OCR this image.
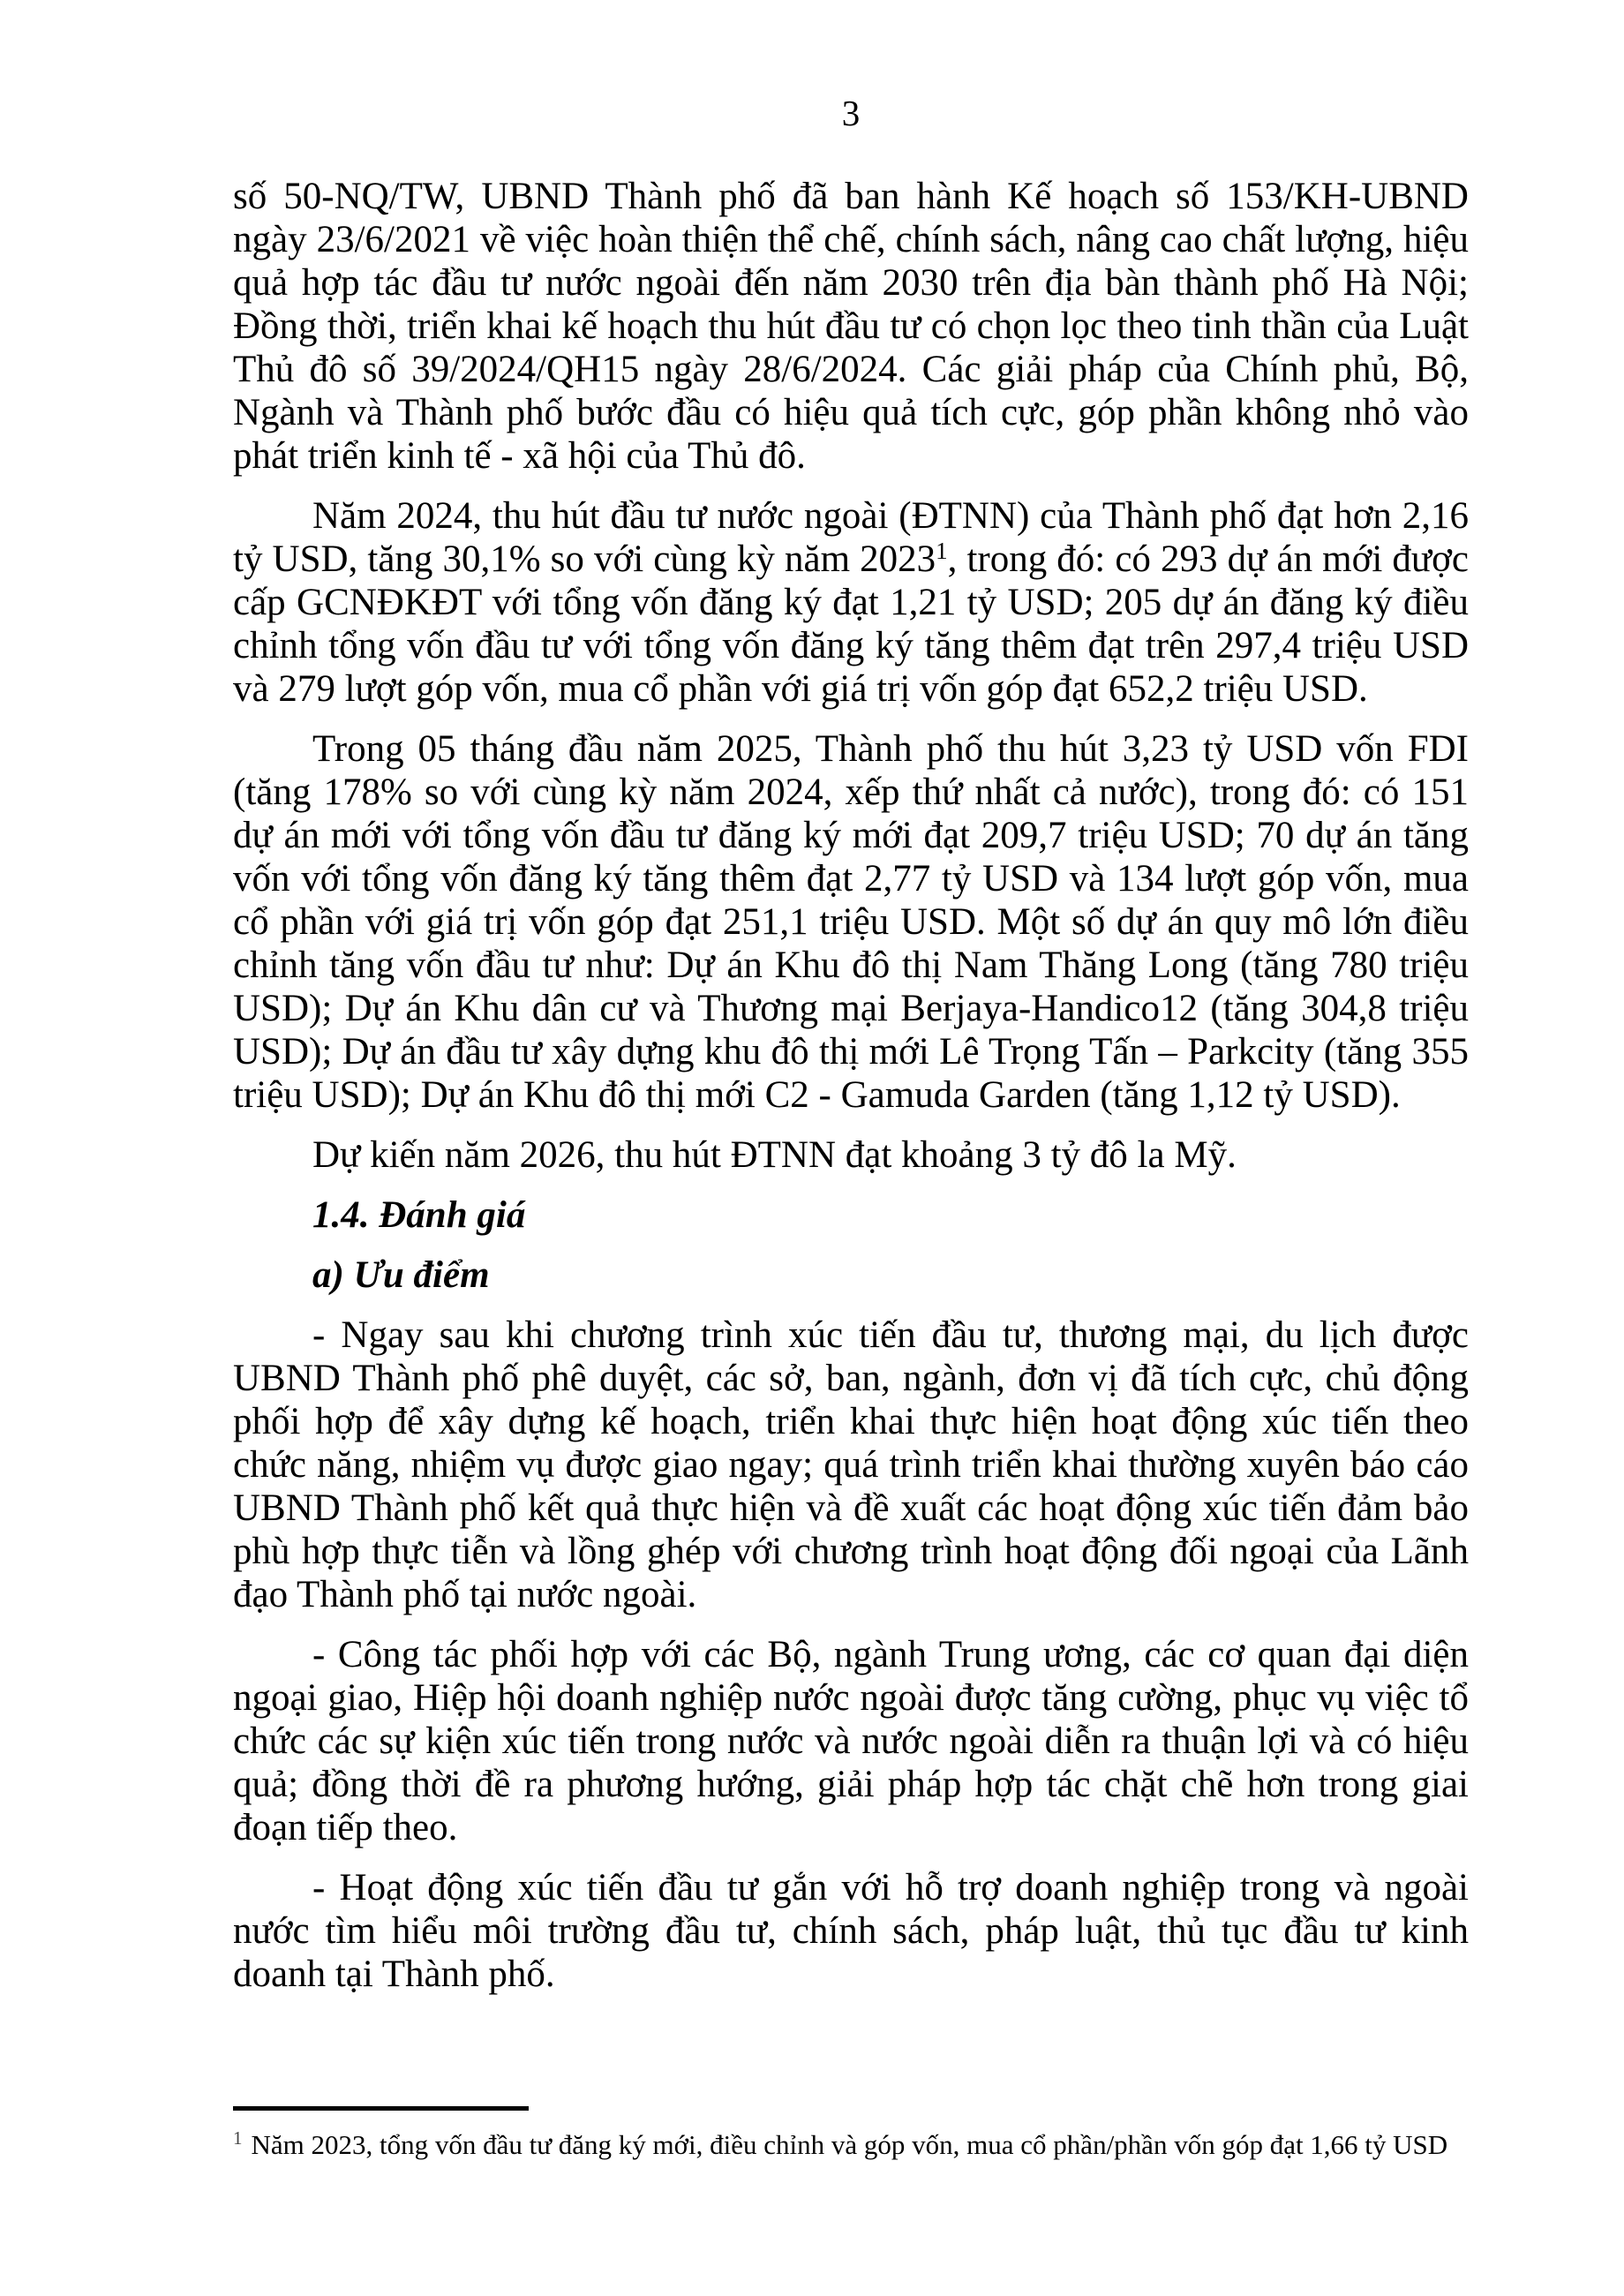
3

số 50-NQ/TW, UBND Thành phố đã ban hành Kế hoạch số 153/KH-UBND ngày 23/6/2021 về việc hoàn thiện thể chế, chính sách, nâng cao chất lượng, hiệu quả hợp tác đầu tư nước ngoài đến năm 2030 trên địa bàn thành phố Hà Nội; Đồng thời, triển khai kế hoạch thu hút đầu tư có chọn lọc theo tinh thần của Luật Thủ đô số 39/2024/QH15 ngày 28/6/2024. Các giải pháp của Chính phủ, Bộ, Ngành và Thành phố bước đầu có hiệu quả tích cực, góp phần không nhỏ vào phát triển kinh tế - xã hội của Thủ đô.

Năm 2024, thu hút đầu tư nước ngoài (ĐTNN) của Thành phố đạt hơn 2,16 tỷ USD, tăng 30,1% so với cùng kỳ năm 2023$^1$, trong đó: có 293 dự án mới được cấp GCNĐKĐT với tổng vốn đăng ký đạt 1,21 tỷ USD; 205 dự án đăng ký điều chỉnh tổng vốn đầu tư với tổng vốn đăng ký tăng thêm đạt trên 297,4 triệu USD và 279 lượt góp vốn, mua cổ phần với giá trị vốn góp đạt 652,2 triệu USD.

Trong 05 tháng đầu năm 2025, Thành phố thu hút 3,23 tỷ USD vốn FDI (tăng 178% so với cùng kỳ năm 2024, xếp thứ nhất cả nước), trong đó: có 151 dự án mới với tổng vốn đầu tư đăng ký mới đạt 209,7 triệu USD; 70 dự án tăng vốn với tổng vốn đăng ký tăng thêm đạt 2,77 tỷ USD và 134 lượt góp vốn, mua cổ phần với giá trị vốn góp đạt 251,1 triệu USD. Một số dự án quy mô lớn điều chỉnh tăng vốn đầu tư như: Dự án Khu đô thị Nam Thăng Long (tăng 780 triệu USD); Dự án Khu dân cư và Thương mại Berjaya-Handico12 (tăng 304,8 triệu USD); Dự án đầu tư xây dựng khu đô thị mới Lê Trọng Tấn – Parkcity (tăng 355 triệu USD); Dự án Khu đô thị mới C2 - Gamuda Garden (tăng 1,12 tỷ USD).

Dự kiến năm 2026, thu hút ĐTNN đạt khoảng 3 tỷ đô la Mỹ.

1.4. Đánh giá

a) Ưu điểm

- Ngay sau khi chương trình xúc tiến đầu tư, thương mại, du lịch được UBND Thành phố phê duyệt, các sở, ban, ngành, đơn vị đã tích cực, chủ động phối hợp để xây dựng kế hoạch, triển khai thực hiện hoạt động xúc tiến theo chức năng, nhiệm vụ được giao ngay; quá trình triển khai thường xuyên báo cáo UBND Thành phố kết quả thực hiện và đề xuất các hoạt động xúc tiến đảm bảo phù hợp thực tiễn và lồng ghép với chương trình hoạt động đối ngoại của Lãnh đạo Thành phố tại nước ngoài.

- Công tác phối hợp với các Bộ, ngành Trung ương, các cơ quan đại diện ngoại giao, Hiệp hội doanh nghiệp nước ngoài được tăng cường, phục vụ việc tổ chức các sự kiện xúc tiến trong nước và nước ngoài diễn ra thuận lợi và có hiệu quả; đồng thời đề ra phương hướng, giải pháp hợp tác chặt chẽ hơn trong giai đoạn tiếp theo.

- Hoạt động xúc tiến đầu tư gắn với hỗ trợ doanh nghiệp trong và ngoài nước tìm hiểu môi trường đầu tư, chính sách, pháp luật, thủ tục đầu tư kinh doanh tại Thành phố.

$^1$ Năm 2023, tổng vốn đầu tư đăng ký mới, điều chỉnh và góp vốn, mua cổ phần/phần vốn góp đạt 1,66 tỷ USD
